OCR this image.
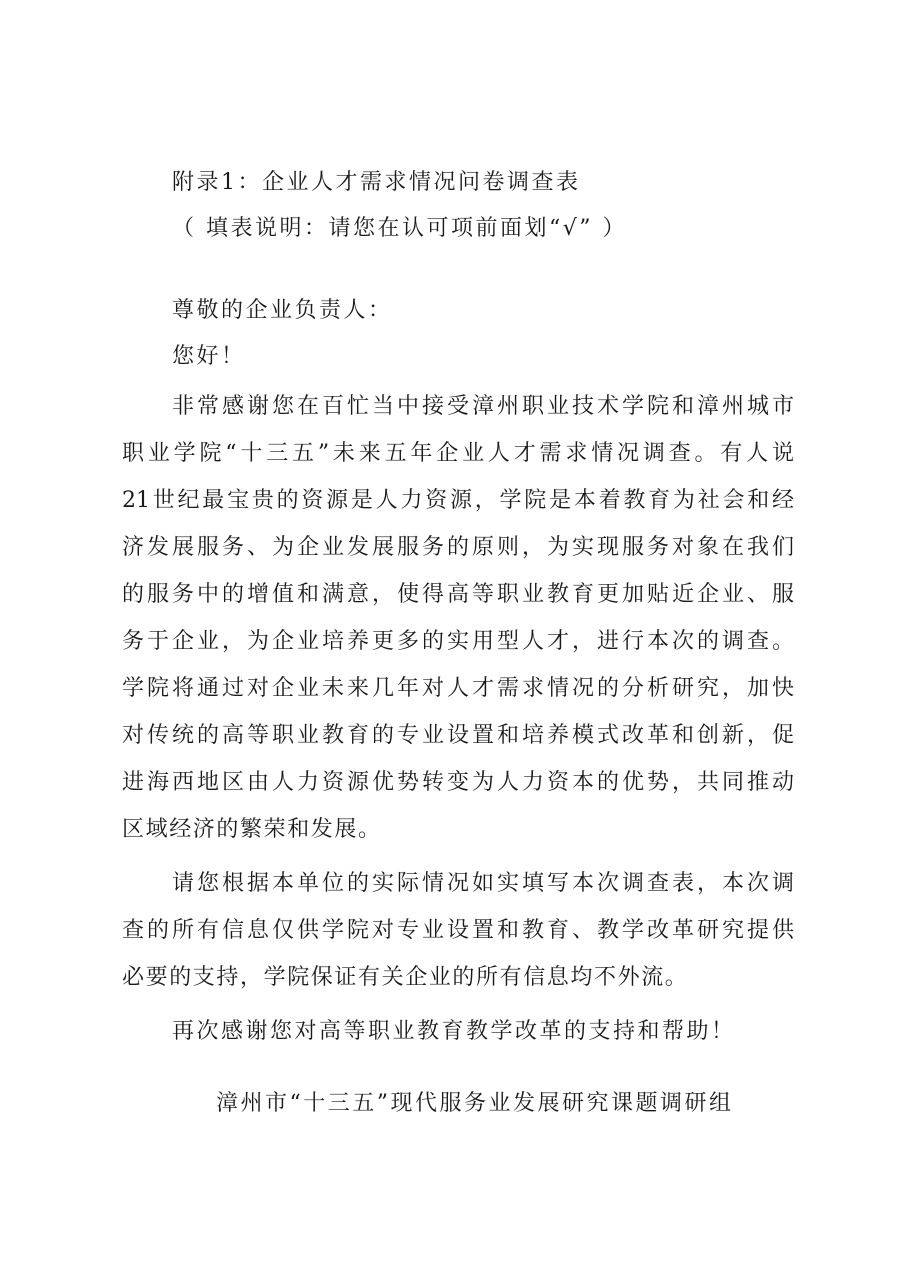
附录1：企业人才需求情况问卷调查表
（ 填表说明：请您在认可项前面划“√” ）
尊敬的企业负责人：
您好！
非常感谢您在百忙当中接受漳州职业技术学院和漳州城市
职业学院“十三五”未来五年企业人才需求情况调查。有人说
21世纪最宝贵的资源是人力资源，学院是本着教育为社会和经
济发展服务、为企业发展服务的原则，为实现服务对象在我们
的服务中的增值和满意，使得高等职业教育更加贴近企业、服
务于企业，为企业培养更多的实用型人才，进行本次的调查。
学院将通过对企业未来几年对人才需求情况的分析研究，加快
对传统的高等职业教育的专业设置和培养模式改革和创新，促
进海西地区由人力资源优势转变为人力资本的优势，共同推动
区域经济的繁荣和发展。
请您根据本单位的实际情况如实填写本次调查表，本次调
查的所有信息仅供学院对专业设置和教育、教学改革研究提供
必要的支持，学院保证有关企业的所有信息均不外流。
再次感谢您对高等职业教育教学改革的支持和帮助！
漳州市“十三五”现代服务业发展研究课题调研组
